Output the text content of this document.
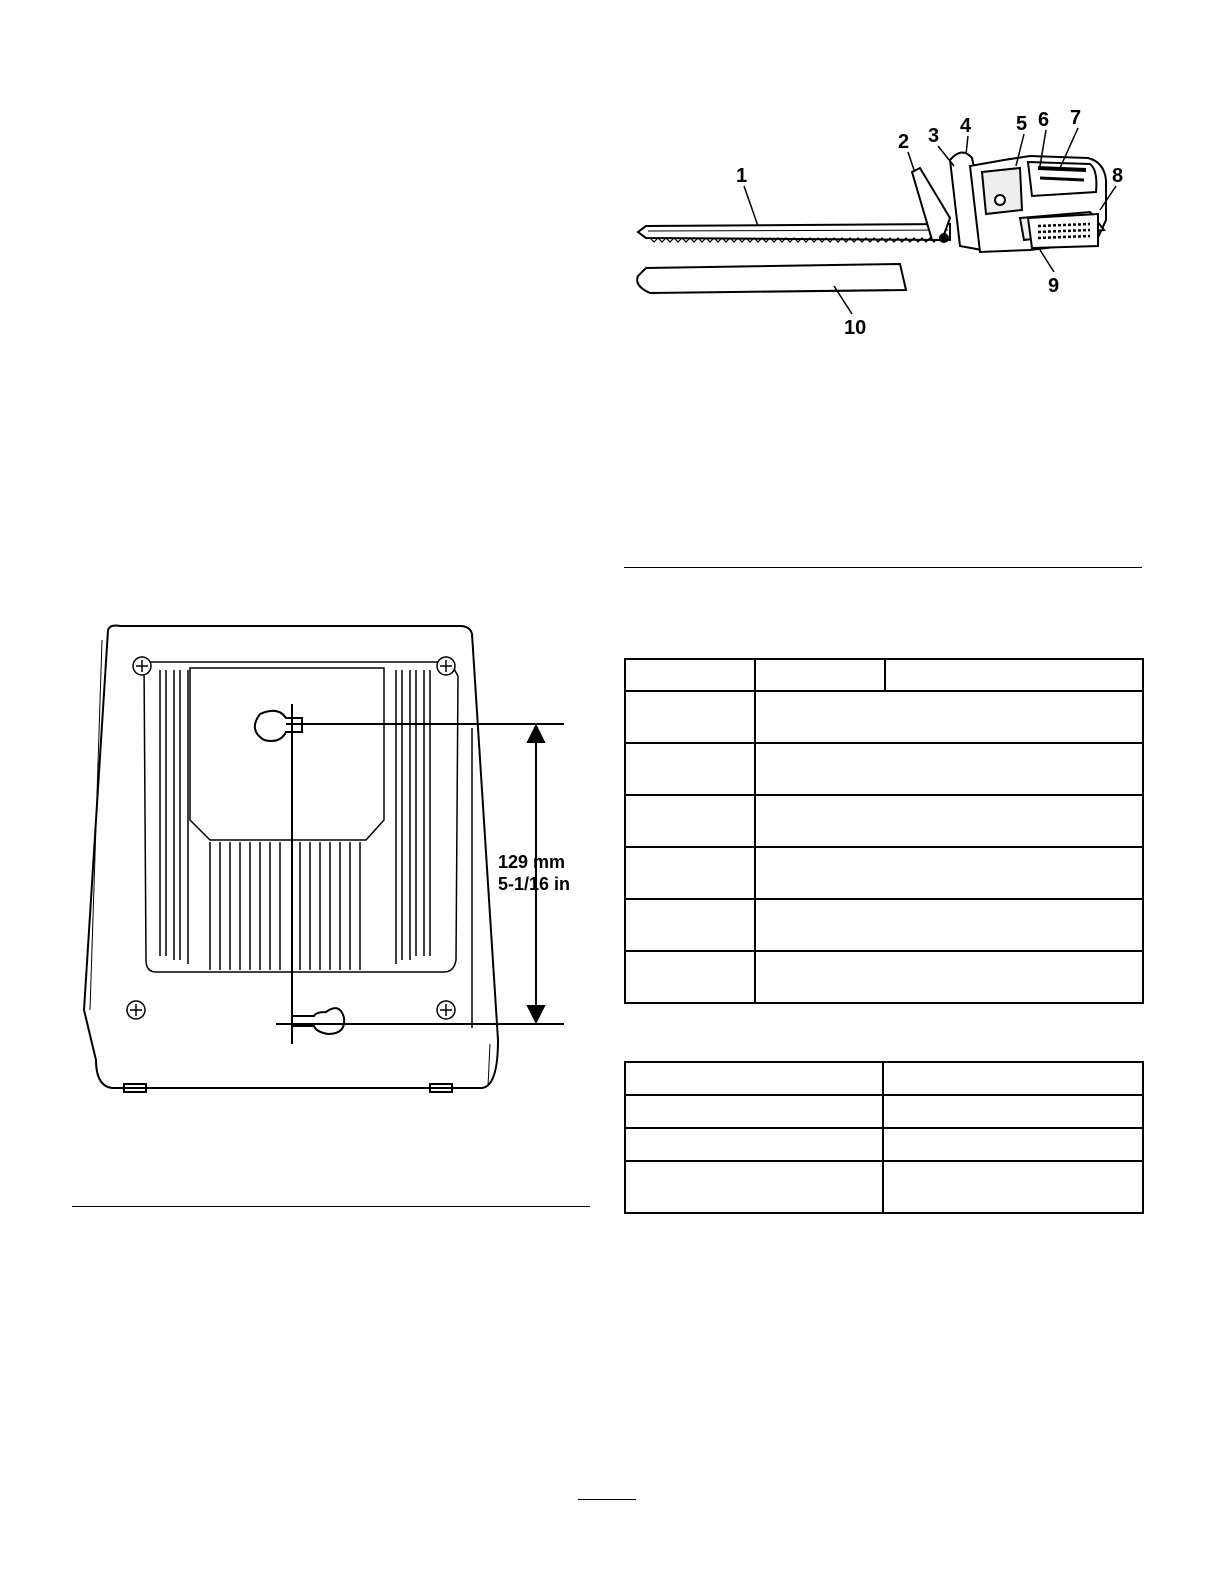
1
2 3 4 5 6 7
8
9
10

129 mm
5-1/16 in
